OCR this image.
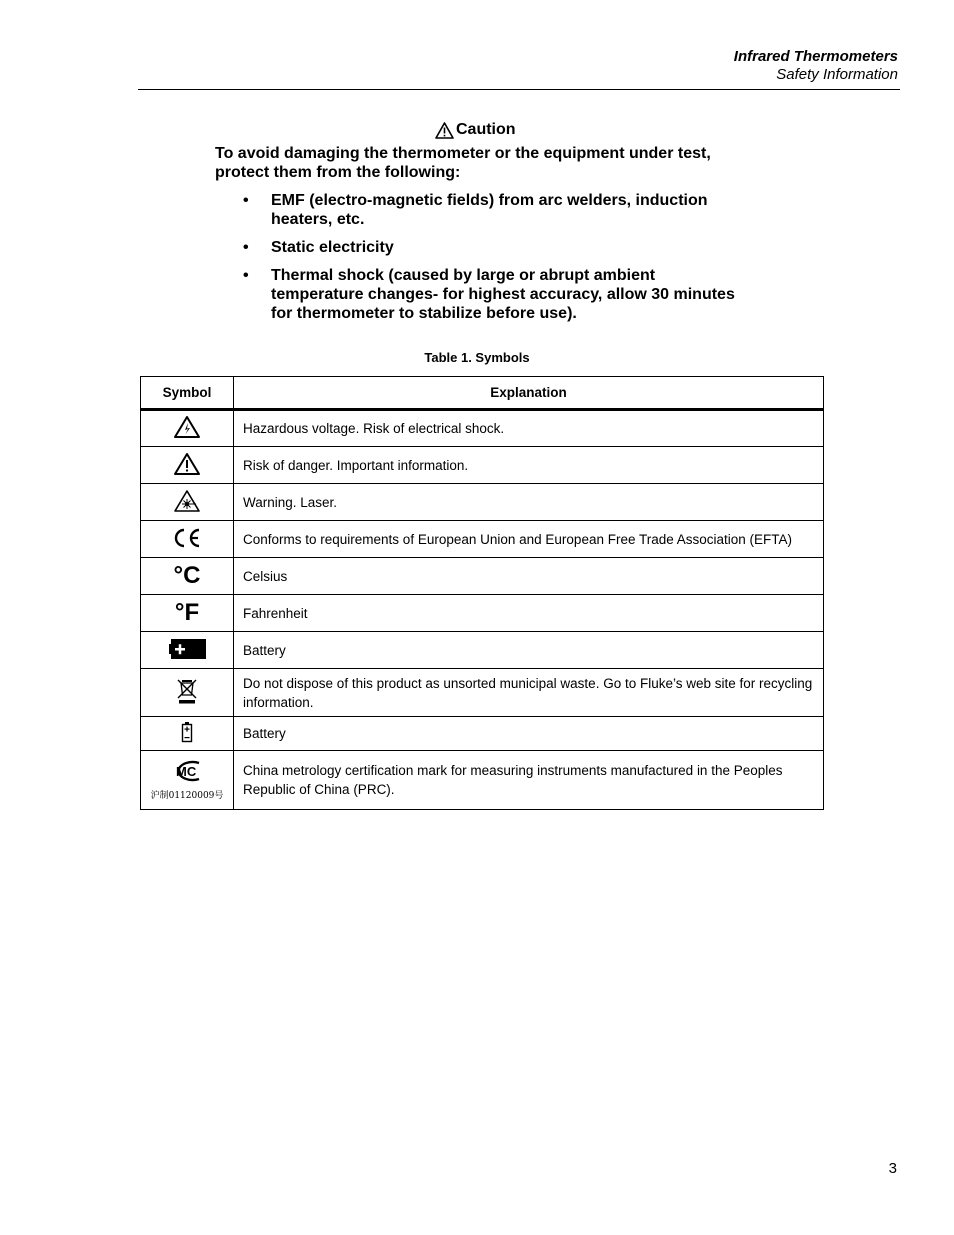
Infrared Thermometers
Safety Information
Caution
To avoid damaging the thermometer or the equipment under test, protect them from the following:
• EMF (electro-magnetic fields) from arc welders, induction heaters, etc.
• Static electricity
• Thermal shock (caused by large or abrupt ambient temperature changes- for highest accuracy, allow 30 minutes for thermometer to stabilize before use).
Table 1. Symbols
Symbol	Explanation
	Hazardous voltage. Risk of electrical shock.
	Risk of danger. Important information.
	Warning. Laser.
	Conforms to requirements of European Union and European Free Trade Association (EFTA)
°C	Celsius
°F	Fahrenheit
	Battery
	Do not dispose of this product as unsorted municipal waste. Go to Fluke’s web site for recycling information.
	Battery

MC
沪制01120009号	China metrology certification mark for measuring instruments manufactured in the Peoples Republic of China (PRC).
3
